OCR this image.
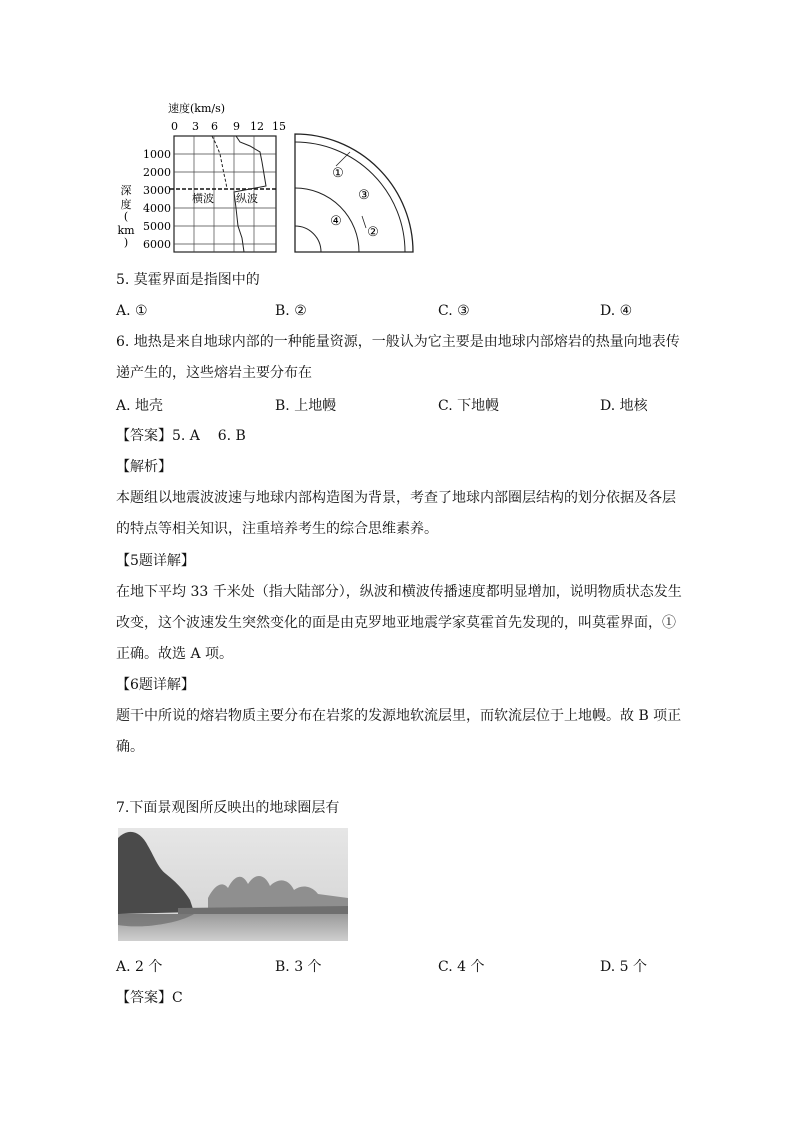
速度(km/s)
0 3 6 9 12 15
横波 纵波
1000
2000
3000
4000
5000
6000
深
度
(
km
)
①
③
④
②
5. 莫霍界面是指图中的
A. ①	B. ②	C. ③	D. ④
6. 地热是来自地球内部的一种能量资源，一般认为它主要是由地球内部熔岩的热量向地表传
递产生的，这些熔岩主要分布在
A. 地壳	B. 上地幔	C. 下地幔	D. 地核
【答案】5. A    6. B
【解析】
本题组以地震波波速与地球内部构造图为背景，考查了地球内部圈层结构的划分依据及各层
的特点等相关知识，注重培养考生的综合思维素养。
【5题详解】
在地下平均 33 千米处（指大陆部分），纵波和横波传播速度都明显增加，说明物质状态发生
改变，这个波速发生突然变化的面是由克罗地亚地震学家莫霍首先发现的，叫莫霍界面，①
正确。故选 A 项。
【6题详解】
题干中所说的熔岩物质主要分布在岩浆的发源地软流层里，而软流层位于上地幔。故 B 项正
确。
7.下面景观图所反映出的地球圈层有
A. 2 个	B. 3 个	C. 4 个	D. 5 个
【答案】C
